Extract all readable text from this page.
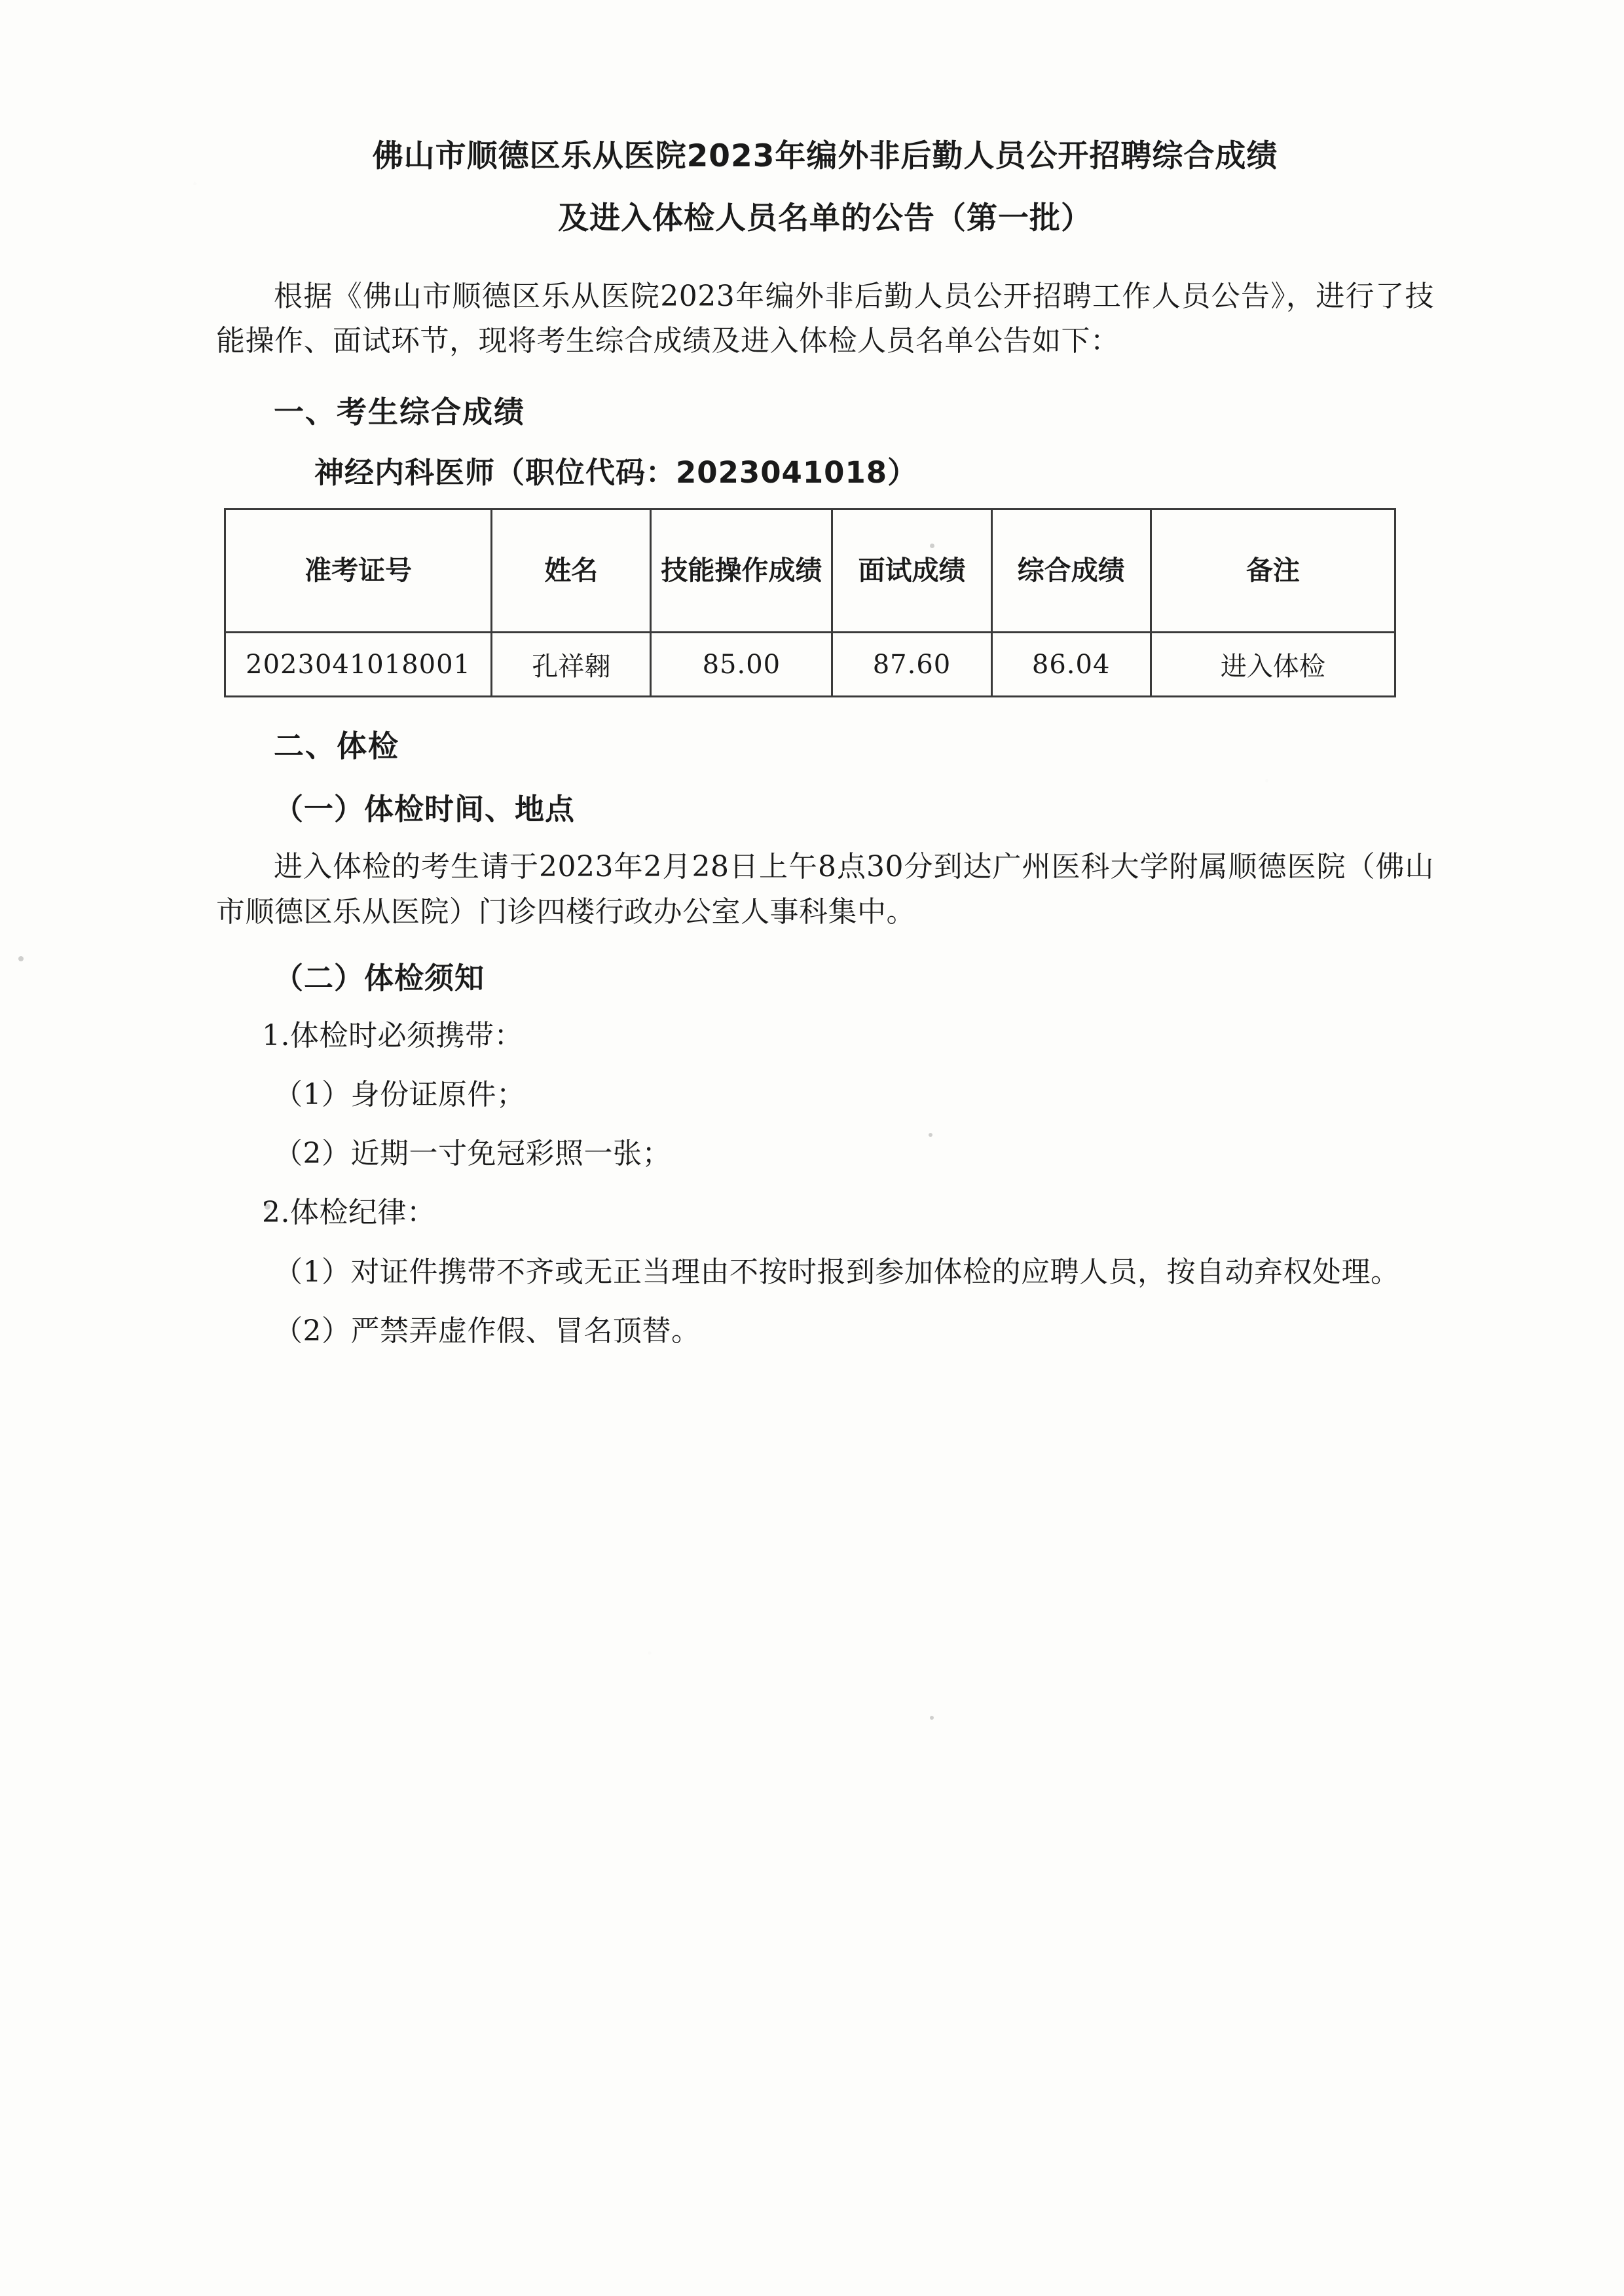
佛山市顺德区乐从医院2023年编外非后勤人员公开招聘综合成绩
及进入体检人员名单的公告（第一批）

根据《佛山市顺德区乐从医院2023年编外非后勤人员公开招聘工作人员公告》，进行了技能操作、面试环节，现将考生综合成绩及进入体检人员名单公告如下：

一、考生综合成绩
神经内科医师（职位代码：2023041018）
准考证号	姓名	技能操作成绩	面试成绩	综合成绩	备注
2023041018001	孔祥翱	85.00	87.60	86.04	进入体检
二、体检
（一）体检时间、地点

进入体检的考生请于2023年2月28日上午8点30分到达广州医科大学附属顺德医院（佛山市顺德区乐从医院）门诊四楼行政办公室人事科集中。

（二）体检须知

1.体检时必须携带：

（1）身份证原件；

（2）近期一寸免冠彩照一张；

2.体检纪律：

（1）对证件携带不齐或无正当理由不按时报到参加体检的应聘人员，按自动弃权处理。

（2）严禁弄虚作假、冒名顶替。
